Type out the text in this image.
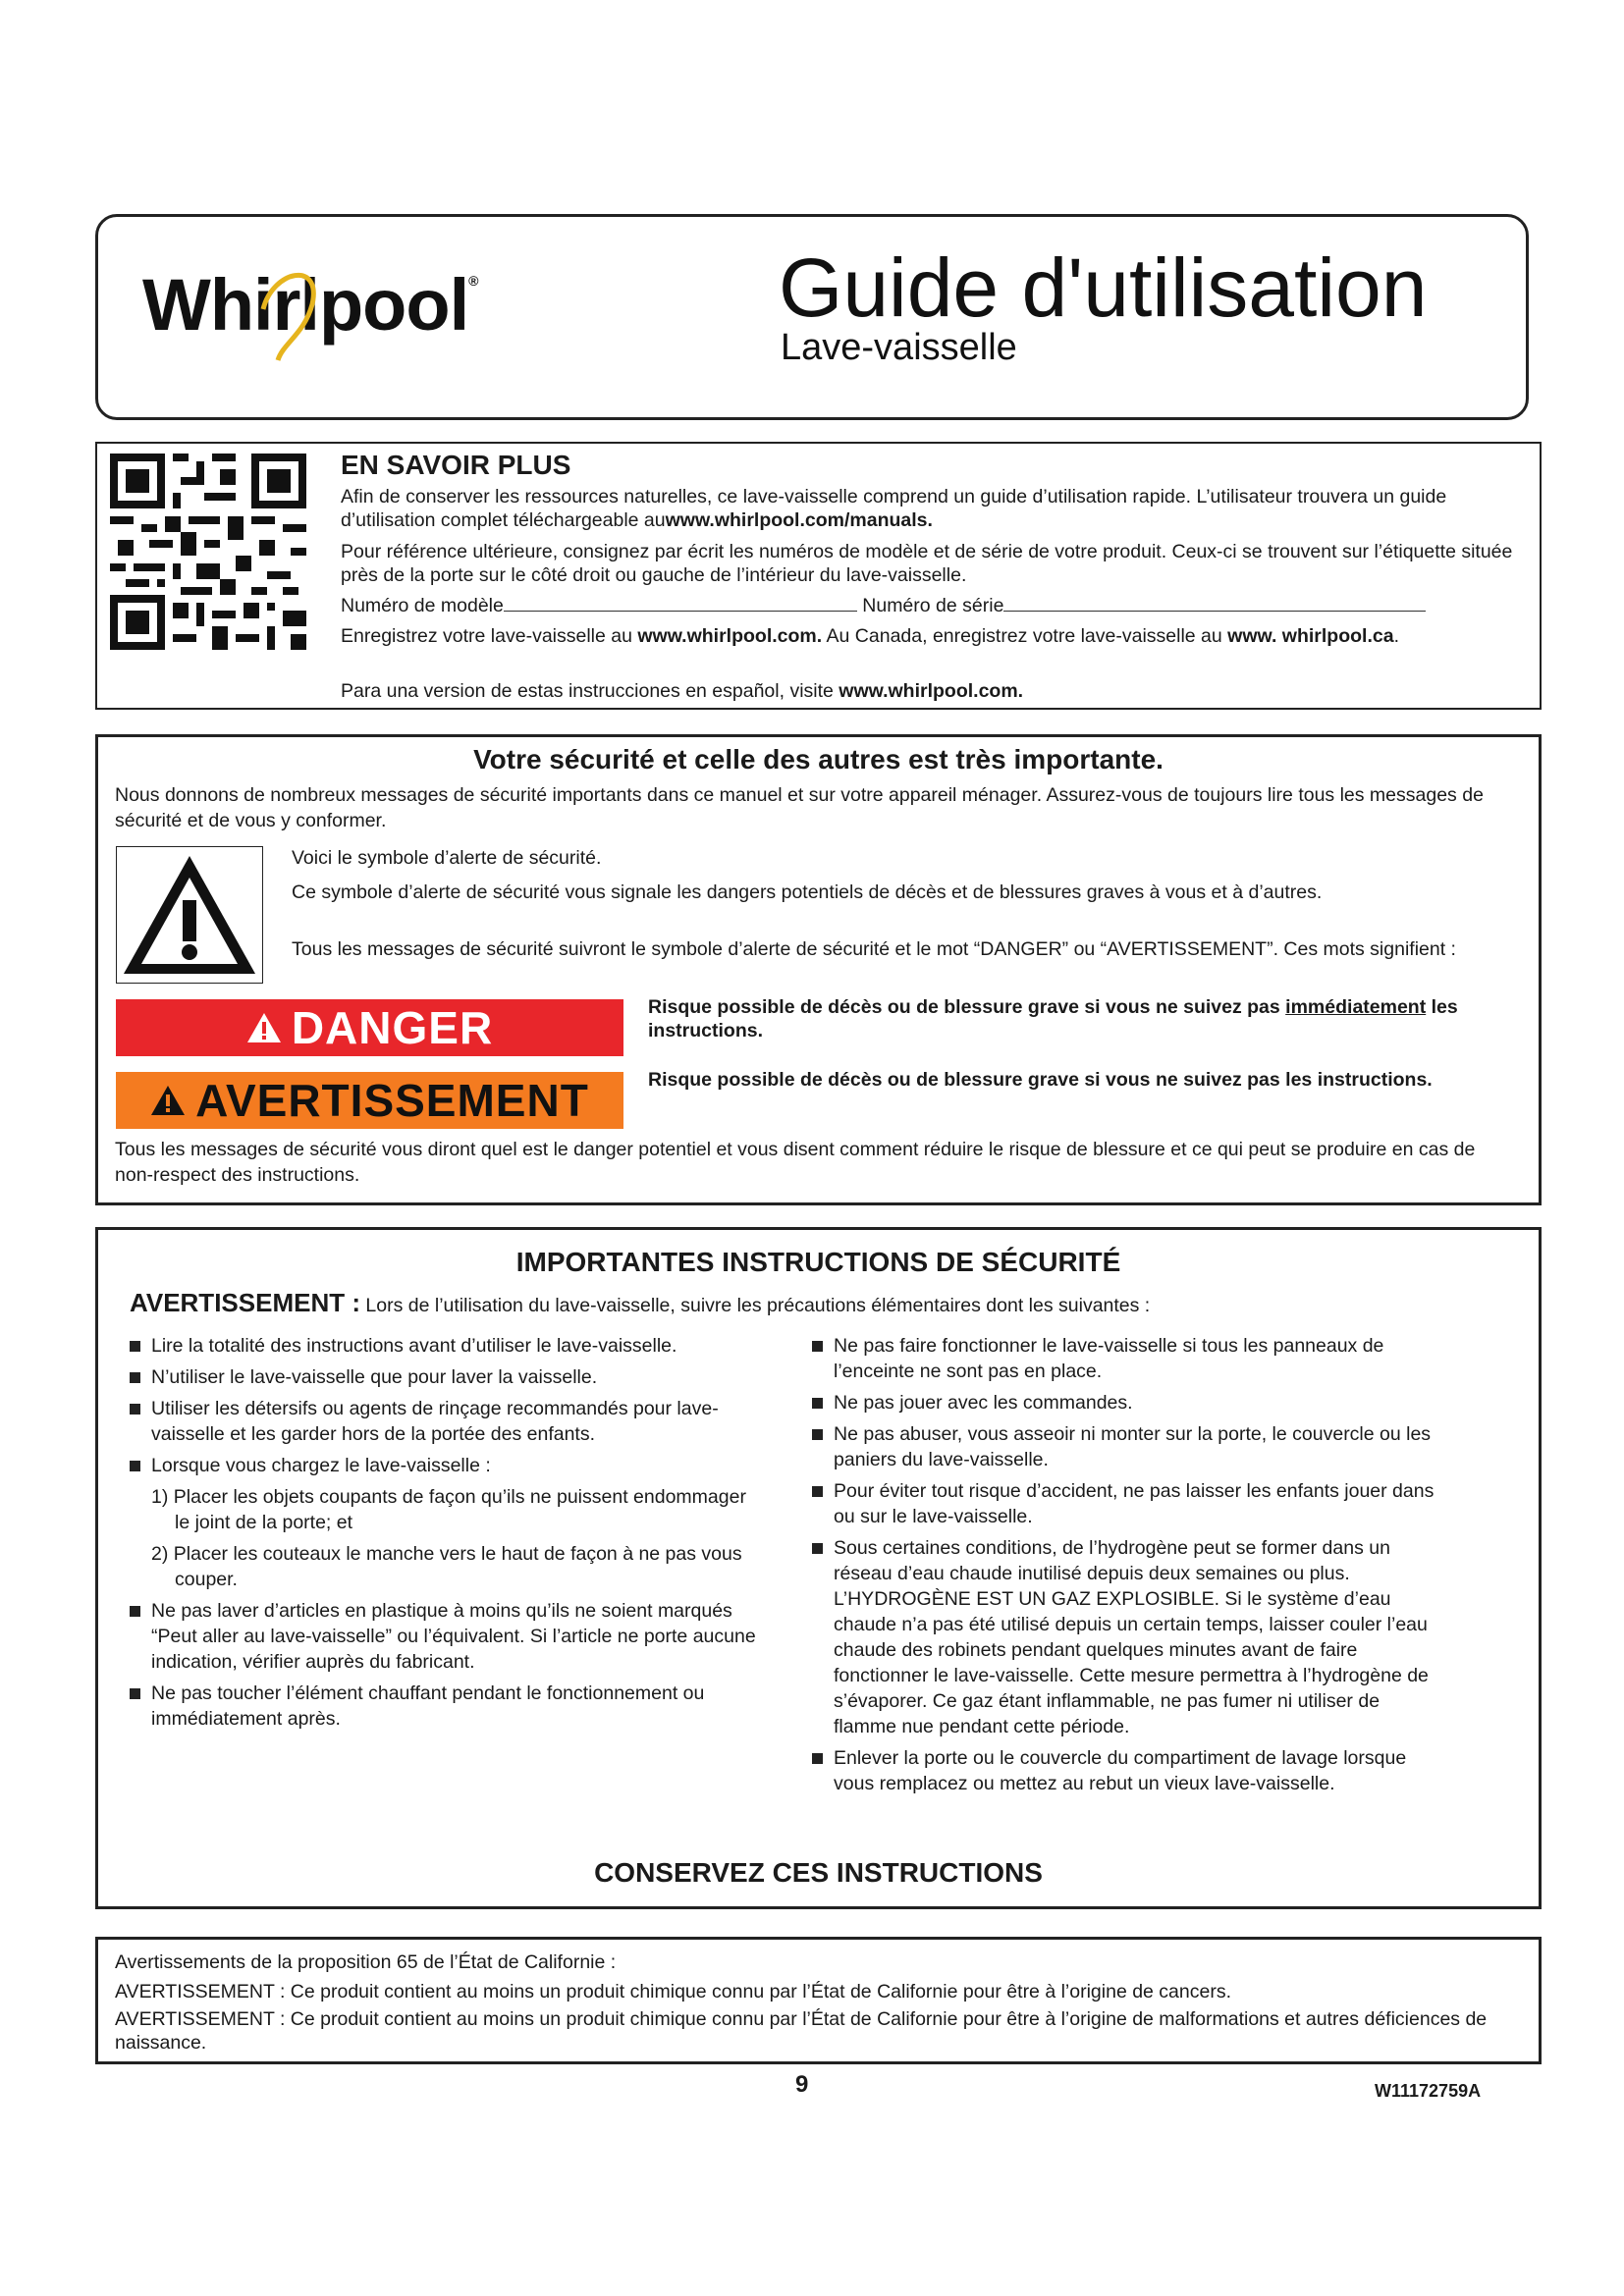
Whirlpool®	Guide d'utilisation
Lave-vaisselle
EN SAVOIR PLUS
Afin de conserver les ressources naturelles, ce lave-vaisselle comprend un guide d’utilisation rapide. L’utilisateur trouvera un guide d’utilisation complet téléchargeable auwww.whirlpool.com/manuals.
Pour référence ultérieure, consignez par écrit les numéros de modèle et de série de votre produit. Ceux-ci se trouvent sur l’étiquette située près de la porte sur le côté droit ou gauche de l’intérieur du lave-vaisselle.
Numéro de modèle	Numéro de série
Enregistrez votre lave-vaisselle au www.whirlpool.com. Au Canada, enregistrez votre lave-vaisselle au www. whirlpool.ca.
Para una version de estas instrucciones en español, visite www.whirlpool.com.
Votre sécurité et celle des autres est très importante.
Nous donnons de nombreux messages de sécurité importants dans ce manuel et sur votre appareil ménager. Assurez-vous de toujours lire tous les messages de sécurité et de vous y conformer.
Voici le symbole d’alerte de sécurité.
Ce symbole d’alerte de sécurité vous signale les dangers potentiels de décès et de blessures graves à vous et à d’autres.
Tous les messages de sécurité suivront le symbole d’alerte de sécurité et le mot “DANGER” ou “AVERTISSEMENT”. Ces mots signifient :
DANGER
AVERTISSEMENT
Risque possible de décès ou de blessure grave si vous ne suivez pas immédiatement les instructions.
Risque possible de décès ou de blessure grave si vous ne suivez pas les instructions.
Tous les messages de sécurité vous diront quel est le danger potentiel et vous disent comment réduire le risque de blessure et ce qui peut se produire en cas de non-respect des instructions.
IMPORTANTES INSTRUCTIONS DE SÉCURITÉ
AVERTISSEMENT : Lors de l’utilisation du lave-vaisselle, suivre les précautions élémentaires dont les suivantes :
Lire la totalité des instructions avant d’utiliser le lave-vaisselle.
N’utiliser le lave-vaisselle que pour laver la vaisselle.
Utiliser les détersifs ou agents de rinçage recommandés pour lave-vaisselle et les garder hors de la portée des enfants.
Lorsque vous chargez le lave-vaisselle :
1) Placer les objets coupants de façon qu’ils ne puissent endommager le joint de la porte; et
2) Placer les couteaux le manche vers le haut de façon à ne pas vous couper.
Ne pas laver d’articles en plastique à moins qu’ils ne soient marqués “Peut aller au lave-vaisselle” ou l’équivalent. Si l’article ne porte aucune indication, vérifier auprès du fabricant.
Ne pas toucher l’élément chauffant pendant le fonctionnement ou immédiatement après.
Ne pas faire fonctionner le lave-vaisselle si tous les panneaux de l’enceinte ne sont pas en place.
Ne pas jouer avec les commandes.
Ne pas abuser, vous asseoir ni monter sur la porte, le couvercle ou les paniers du lave-vaisselle.
Pour éviter tout risque d’accident, ne pas laisser les enfants jouer dans ou sur le lave-vaisselle.
Sous certaines conditions, de l’hydrogène peut se former dans un réseau d’eau chaude inutilisé depuis deux semaines ou plus. L’HYDROGÈNE EST UN GAZ EXPLOSIBLE. Si le système d’eau chaude n’a pas été utilisé depuis un certain temps, laisser couler l’eau chaude des robinets pendant quelques minutes avant de faire fonctionner le lave-vaisselle. Cette mesure permettra à l’hydrogène de s’évaporer. Ce gaz étant inflammable, ne pas fumer ni utiliser de flamme nue pendant cette période.
Enlever la porte ou le couvercle du compartiment de lavage lorsque vous remplacez ou mettez au rebut un vieux lave-vaisselle.
CONSERVEZ CES INSTRUCTIONS
Avertissements de la proposition 65 de l’État de Californie :
AVERTISSEMENT : Ce produit contient au moins un produit chimique connu par l’État de Californie pour être à l’origine de cancers.
AVERTISSEMENT : Ce produit contient au moins un produit chimique connu par l’État de Californie pour être à l’origine de malformations et autres déficiences de naissance.
9	W11172759A
